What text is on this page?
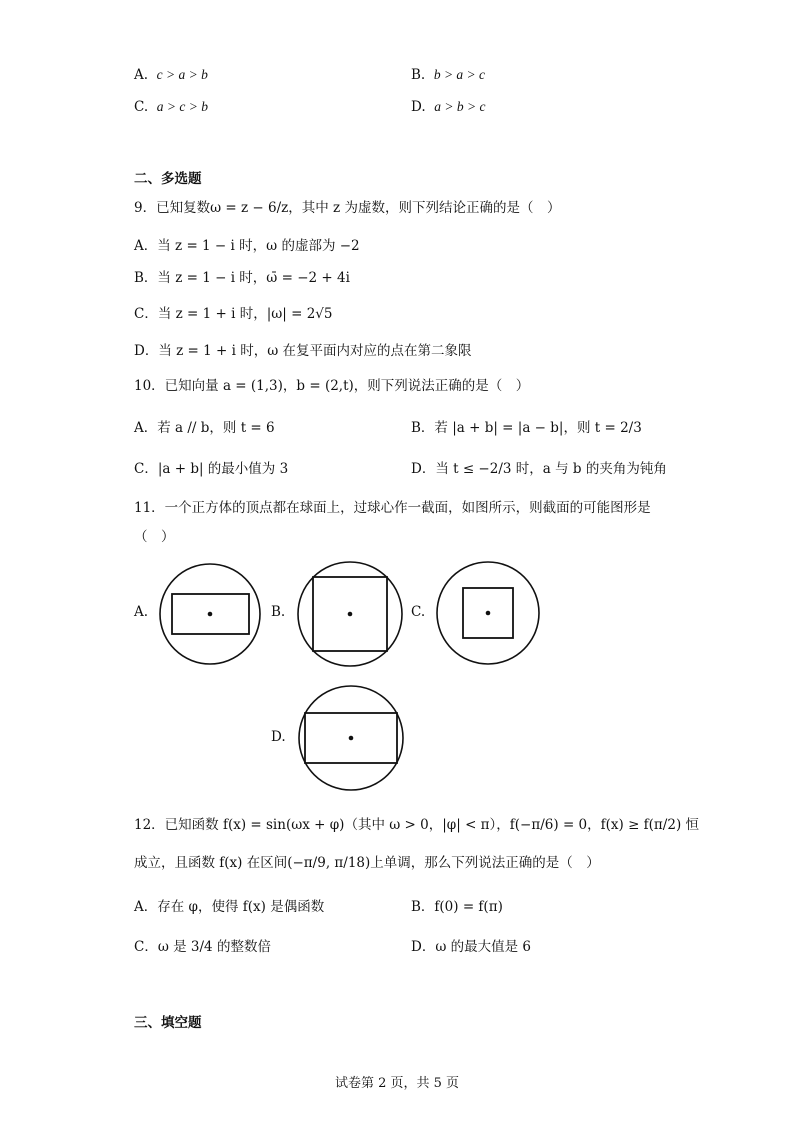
A. c > a > b	B. b > a > c
C. a > c > b	D. a > b > c
二、多选题
9．已知复数ω = z − 6/z，其中 z 为虚数，则下列结论正确的是（　）
A．当 z = 1 − i 时，ω 的虚部为 −2
B．当 z = 1 − i 时，ω̄ = −2 + 4i
C．当 z = 1 + i 时，|ω| = 2√5
D．当 z = 1 + i 时，ω 在复平面内对应的点在第二象限
10．已知向量 a = (1,3)，b = (2,t)，则下列说法正确的是（　）
A．若 a // b，则 t = 6	B．若 |a + b| = |a − b|，则 t = 2/3
C．|a + b| 的最小值为 3	D．当 t ≤ −2/3 时，a 与 b 的夹角为钝角
11．一个正方体的顶点都在球面上，过球心作一截面，如图所示，则截面的可能图形是
（　）
A.	B.	C.
D.
12．已知函数 f(x) = sin(ωx + φ)（其中 ω > 0，|φ| < π），f(−π/6) = 0，f(x) ≥ f(π/2) 恒
成立，且函数 f(x) 在区间(−π/9, π/18)上单调，那么下列说法正确的是（　）
A．存在 φ，使得 f(x) 是偶函数	B．f(0) = f(π)
C．ω 是 3/4 的整数倍	D．ω 的最大值是 6
三、填空题
试卷第 2 页，共 5 页
